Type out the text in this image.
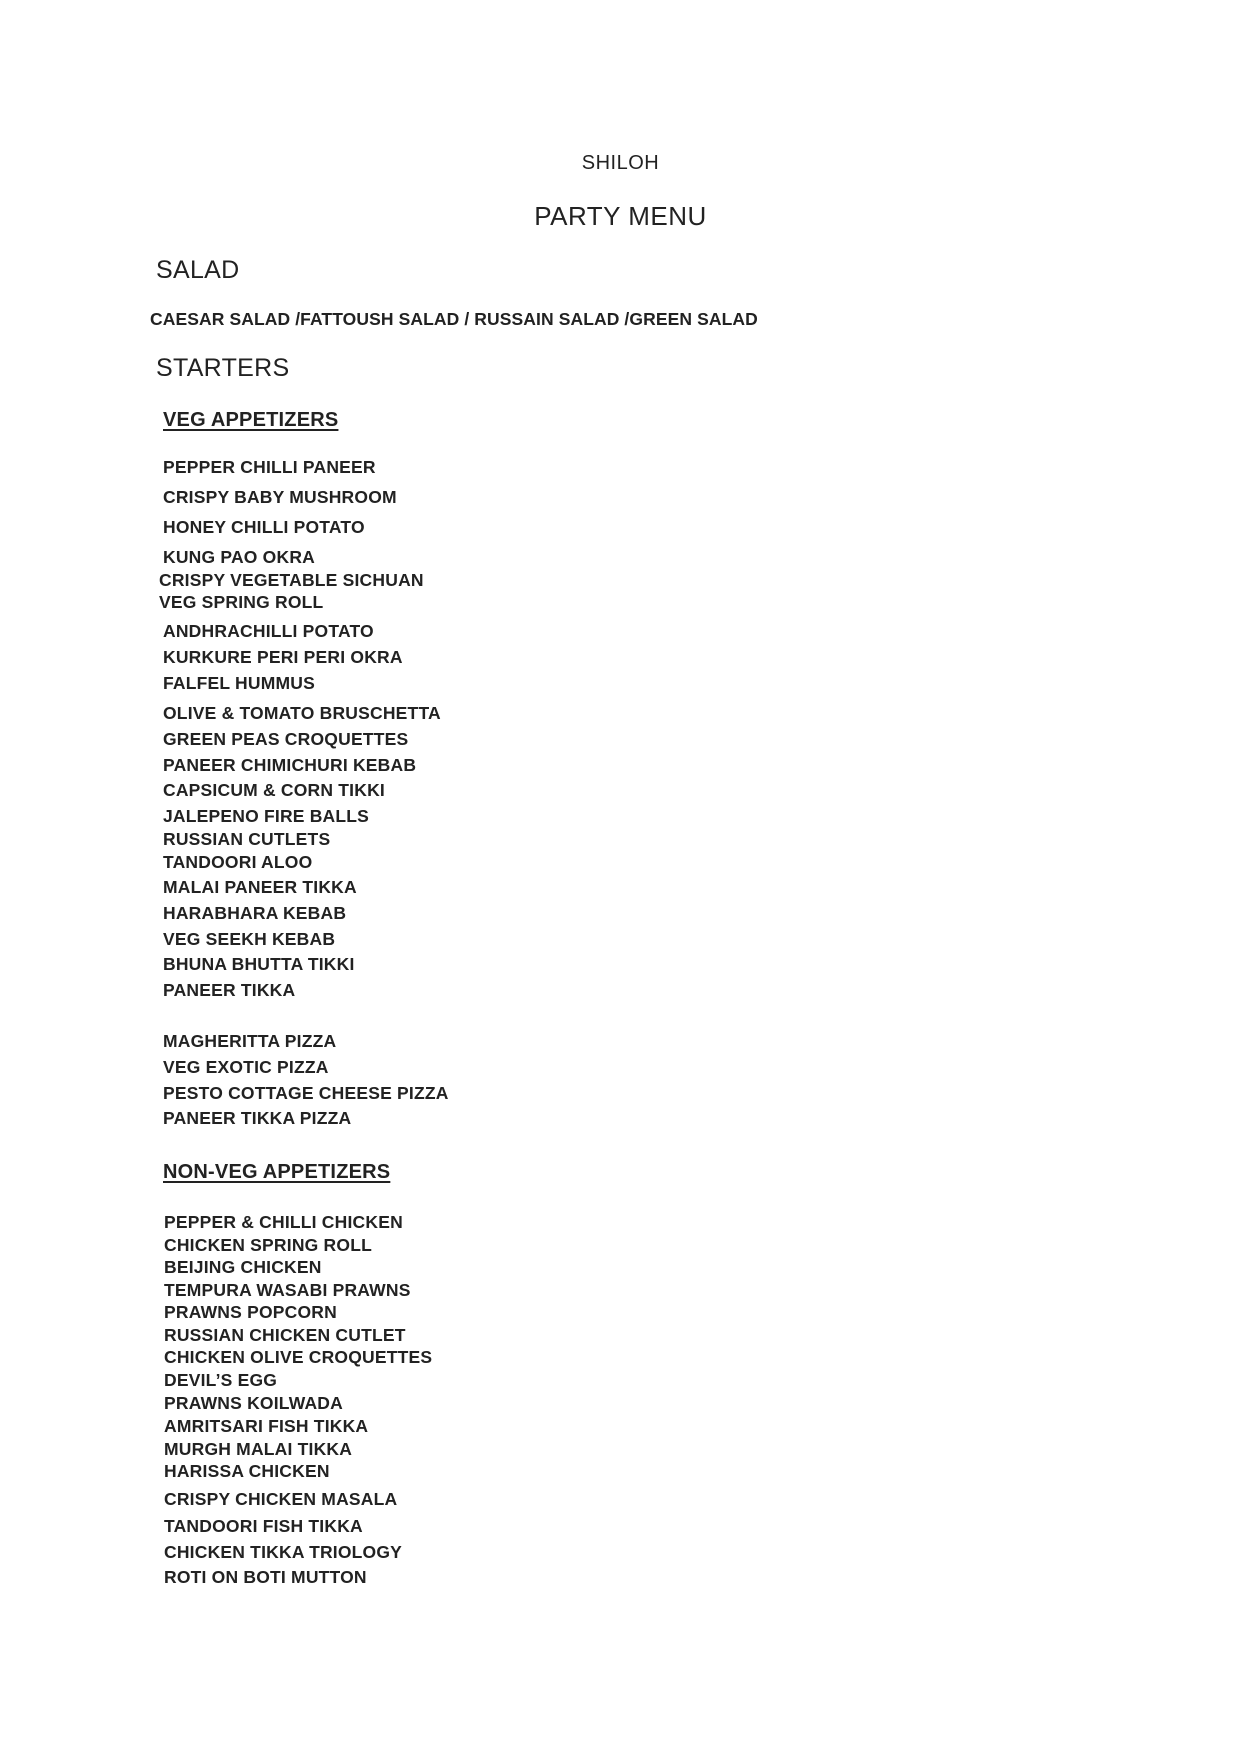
SHILOH
PARTY MENU
SALAD
CAESAR SALAD /FATTOUSH SALAD / RUSSAIN SALAD /GREEN SALAD
STARTERS
VEG APPETIZERS
PEPPER CHILLI PANEER
CRISPY BABY MUSHROOM
HONEY CHILLI POTATO
KUNG PAO OKRA
CRISPY VEGETABLE SICHUAN
VEG SPRING ROLL
ANDHRACHILLI POTATO
KURKURE PERI PERI OKRA
FALFEL HUMMUS
OLIVE & TOMATO BRUSCHETTA
GREEN PEAS CROQUETTES
PANEER CHIMICHURI KEBAB
CAPSICUM & CORN TIKKI
JALEPENO FIRE BALLS
RUSSIAN CUTLETS
TANDOORI ALOO
MALAI PANEER TIKKA
HARABHARA KEBAB
VEG SEEKH KEBAB
BHUNA BHUTTA TIKKI
PANEER TIKKA
MAGHERITTA PIZZA
VEG EXOTIC PIZZA
PESTO COTTAGE CHEESE PIZZA
PANEER TIKKA PIZZA
NON-VEG APPETIZERS
PEPPER & CHILLI CHICKEN
CHICKEN SPRING ROLL
BEIJING CHICKEN
TEMPURA WASABI PRAWNS
PRAWNS POPCORN
RUSSIAN CHICKEN CUTLET
CHICKEN OLIVE CROQUETTES
DEVIL’S EGG
PRAWNS KOILWADA
AMRITSARI FISH TIKKA
MURGH MALAI TIKKA
HARISSA CHICKEN
CRISPY CHICKEN MASALA
TANDOORI FISH TIKKA
CHICKEN TIKKA TRIOLOGY
ROTI ON BOTI MUTTON
